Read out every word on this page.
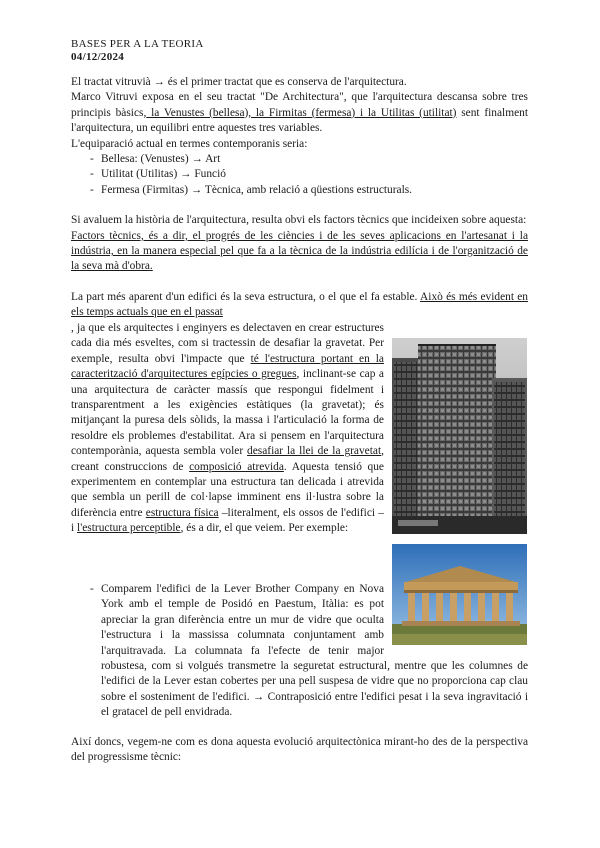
BASES PER A LA TEORIA
04/12/2024

El tractat vitruvià → és el primer tractat que es conserva de l'arquitectura.

Marco Vitruvi exposa en el seu tractat "De Architectura", que l'arquitectura descansa sobre tres principis bàsics, la Venustes (bellesa), la Firmitas (fermesa) i la Utilitas (utilitat) sent finalment l'arquitectura, un equilibri entre aquestes tres variables.

L'equiparació actual en termes contemporanis seria:

- Bellesa: (Venustes) → Art
- Utilitat (Utilitas) → Funció
- Fermesa (Firmitas) → Tècnica, amb relació a qüestions estructurals.

Si avaluem la història de l'arquitectura, resulta obvi els factors tècnics que incideixen sobre aquesta:

Factors tècnics, és a dir, el progrés de les ciències i de les seves aplicacions en l'artesanat i la indústria, en la manera especial pel que fa a la tècnica de la indústria edilícia i de l'organització de la seva mà d'obra.

La part més aparent d'un edifici és la seva estructura, o el que el fa estable. Això és més evident en els temps actuals que en el passat

, ja que els arquitectes i enginyers es delectaven en crear estructures cada dia més esveltes, com si tractessin de desafiar la gravetat. Per exemple, resulta obvi l'impacte que té l'estructura portant en la caracterització d'arquitectures egípcies o gregues, inclinant-se cap a una arquitectura de caràcter massís que respongui fidelment i transparentment a les exigències estàtiques (la gravetat); és mitjançant la puresa dels sòlids, la massa i l'articulació la forma de resoldre els problemes d'estabilitat. Ara si pensem en l'arquitectura contemporània, aquesta sembla voler desafiar la llei de la gravetat, creant construccions de composició atrevida. Aquesta tensió que experimentem en contemplar una estructura tan delicada i atrevida que sembla un perill de col·lapse imminent ens il·lustra sobre la diferència entre estructura física –literalment, els ossos de l'edifici – i l'estructura perceptible, és a dir, el que veiem. Per exemple:

- Comparem l'edifici de la Lever Brother Company en Nova York amb el temple de Posidó en Paestum, Itàlia: es pot apreciar la gran diferència entre un mur de vidre que oculta l'estructura i la massissa columnata conjuntament amb l'arquitravada. La columnata fa l'efecte de tenir major robustesa, com si volgués transmetre la seguretat estructural, mentre que les columnes de l'edifici de la Lever estan cobertes per una pell suspesa de vidre que no proporciona cap clau sobre el sosteniment de l'edifici. → Contraposició entre l'edifici pesat i la seva ingravitació i el gratacel de pell envidrada.

Així doncs, vegem-ne com es dona aquesta evolució arquitectònica mirant-ho des de la perspectiva del progressisme tècnic:
